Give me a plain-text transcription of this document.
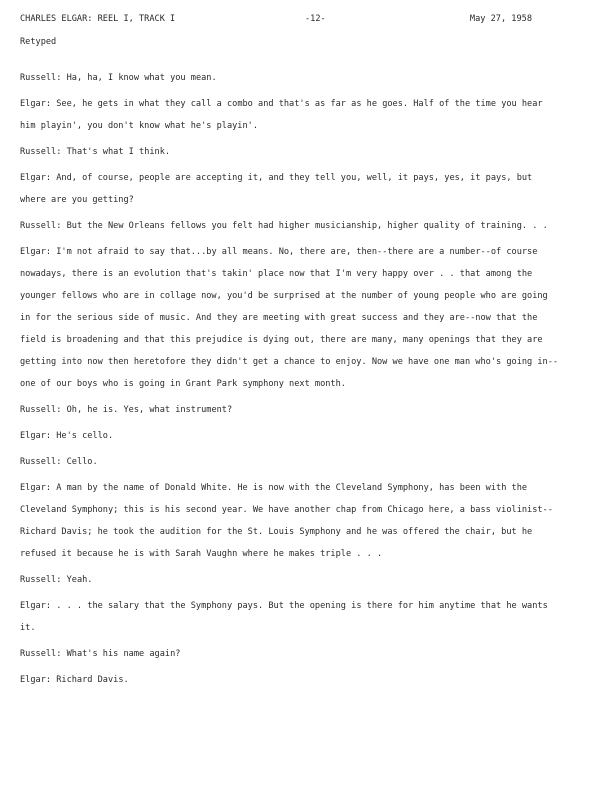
CHARLES ELGAR: REEL I, TRACK I	-12-	May 27, 1958
Retyped

Russell: Ha, ha, I know what you mean.

Elgar: See, he gets in what they call a combo and that's as far as he goes. Half of the time you hear him playin', you don't know what he's playin'.

Russell: That's what I think.

Elgar: And, of course, people are accepting it, and they tell you, well, it pays, yes, it pays, but where are you getting?

Russell: But the New Orleans fellows you felt had higher musicianship, higher quality of training. . .

Elgar: I'm not afraid to say that...by all means. No, there are, then--there are a number--of course nowadays, there is an evolution that's takin' place now that I'm very happy over . . that among the younger fellows who are in collage now, you'd be surprised at the number of young people who are going in for the serious side of music. And they are meeting with great success and they are--now that the field is broadening and that this prejudice is dying out, there are many, many openings that they are getting into now then heretofore they didn't get a chance to enjoy. Now we have one man who's going in--one of our boys who is going in Grant Park symphony next month.

Russell: Oh, he is. Yes, what instrument?

Elgar: He's cello.

Russell: Cello.

Elgar: A man by the name of Donald White. He is now with the Cleveland Symphony, has been with the Cleveland Symphony; this is his second year. We have another chap from Chicago here, a bass violinist--Richard Davis; he took the audition for the St. Louis Symphony and he was offered the chair, but he refused it because he is with Sarah Vaughn where he makes triple . . .

Russell: Yeah.

Elgar: . . . the salary that the Symphony pays. But the opening is there for him anytime that he wants it.

Russell: What's his name again?

Elgar: Richard Davis.
